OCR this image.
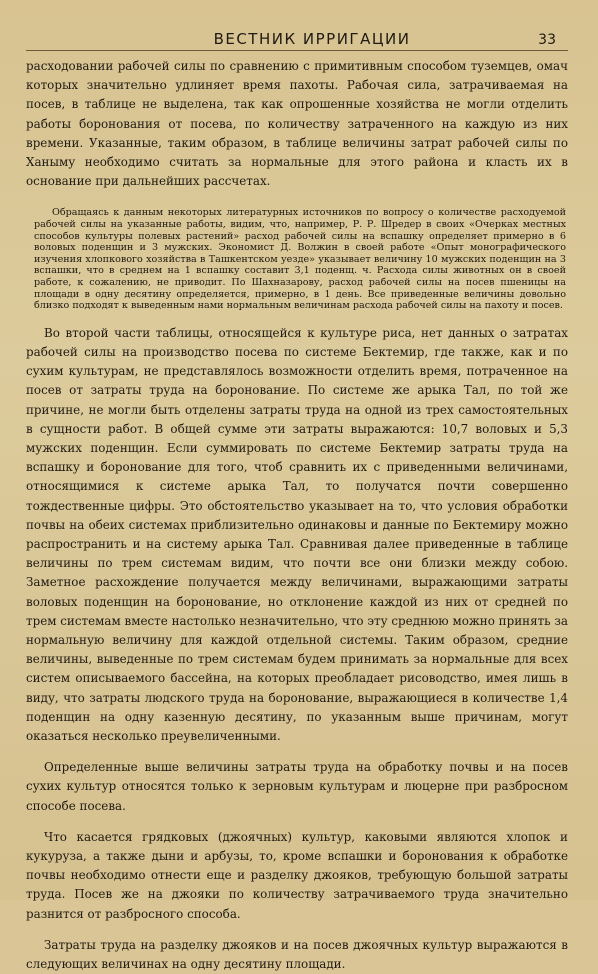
ВЕСТНИК ИРРИГАЦИИ	33

расходовании рабочей силы по сравнению с примитивным способом туземцев, омач которых значительно удлиняет время пахоты. Рабочая сила, затрачиваемая на посев, в таблице не выделена, так как опрошенные хозяйства не могли отделить работы боронования от посева, по количеству затраченного на каждую из них времени. Указанные, таким образом, в таблице величины затрат рабочей силы по Ханыму необходимо считать за нормальные для этого района и класть их в основание при дальнейших рассчетах.

Обращаясь к данным некоторых литературных источников по вопросу о количестве расходуемой рабочей силы на указанные работы, видим, что, например, Р. Р. Шредер в своих «Очерках местных способов культуры полевых растений» расход рабочей силы на вспашку определяет примерно в 6 воловых поденщин и 3 мужских. Экономист Д. Волжин в своей работе «Опыт монографического изучения хлопкового хозяйства в Ташкентском уезде» указывает величину 10 мужских поденщин на 3 вспашки, что в среднем на 1 вспашку составит 3,1 поденщ. ч. Расхода силы животных он в своей работе, к сожалению, не приводит. По Шахназарову, расход рабочей силы на посев пшеницы на площади в одну десятину определяется, примерно, в 1 день. Все приведенные величины довольно близко подходят к выведенным нами нормальным величинам расхода рабочей силы на пахоту и посев.

Во второй части таблицы, относящейся к культуре риса, нет данных о затратах рабочей силы на производство посева по системе Бектемир, где также, как и по сухим культурам, не представлялось возможности отделить время, потраченное на посев от затраты труда на боронование. По системе же арыка Тал, по той же причине, не могли быть отделены затраты труда на одной из трех самостоятельных в сущности работ. В общей сумме эти затраты выражаются: 10,7 воловых и 5,3 мужских поденщин. Если суммировать по системе Бектемир затраты труда на вспашку и боронование для того, чтоб сравнить их с приведенными величинами, относящимися к системе арыка Тал, то получатся почти совершенно тождественные цифры. Это обстоятельство указывает на то, что условия обработки почвы на обеих системах приблизительно одинаковы и данные по Бектемиру можно распространить и на систему арыка Тал. Сравнивая далее приведенные в таблице величины по трем системам видим, что почти все они близки между собою. Заметное расхождение получается между величинами, выражающими затраты воловых поденщин на боронование, но отклонение каждой из них от средней по трем системам вместе настолько незначительно, что эту среднюю можно принять за нормальную величину для каждой отдельной системы. Таким образом, средние величины, выведенные по трем системам будем принимать за нормальные для всех систем описываемого бассейна, на которых преобладает рисоводство, имея лишь в виду, что затраты людского труда на боронование, выражающиеся в количестве 1,4 поденщин на одну казенную десятину, по указанным выше причинам, могут оказаться несколько преувеличенными.

Определенные выше величины затраты труда на обработку почвы и на посев сухих культур относятся только к зерновым культурам и люцерне при разбросном способе посева.

Что касается грядковых (джоячных) культур, каковыми являются хлопок и кукуруза, а также дыни и арбузы, то, кроме вспашки и боронования к обработке почвы необходимо отнести еще и разделку джояков, требующую большой затраты труда. Посев же на джояки по количеству затрачиваемого труда значительно разнится от разбросного способа.

Затраты труда на разделку джояков и на посев джоячных культур выражаются в следующих величинах на одну десятину площади.
